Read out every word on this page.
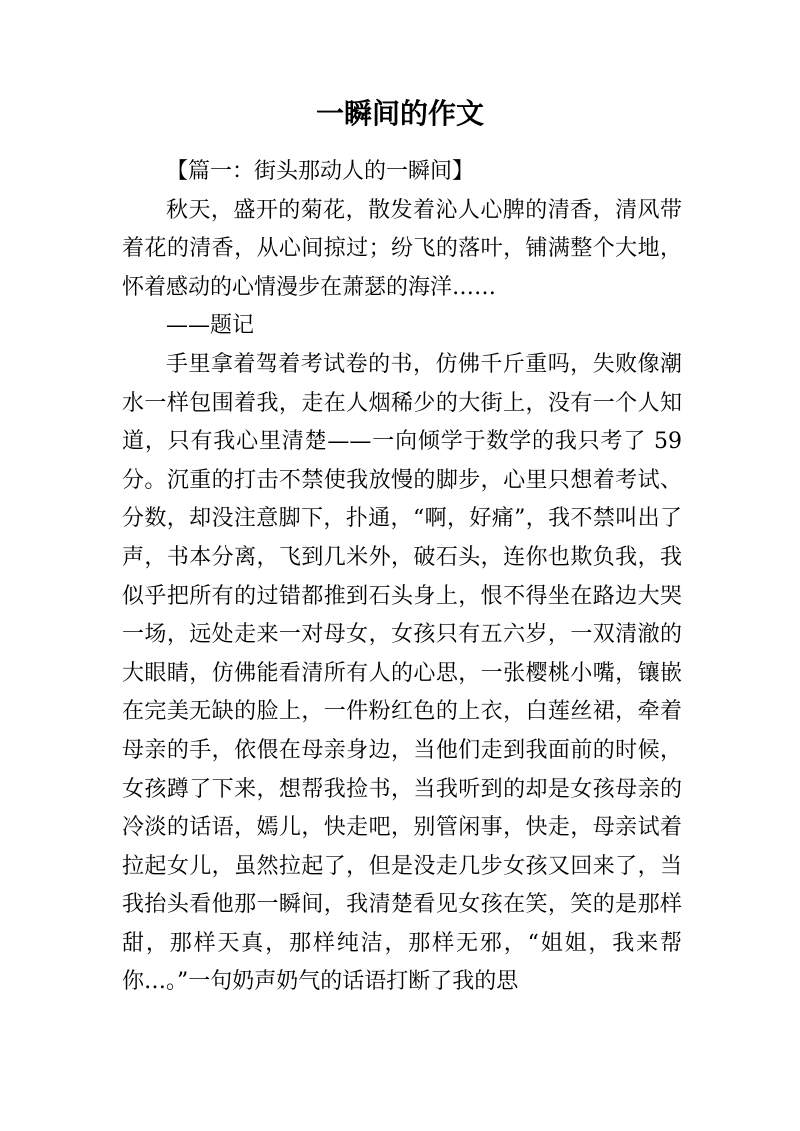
一瞬间的作文

【篇一：街头那动人的一瞬间】

秋天，盛开的菊花，散发着沁人心脾的清香，清风带着花的清香，从心间掠过；纷飞的落叶，铺满整个大地，怀着感动的心情漫步在萧瑟的海洋……

——题记

手里拿着驾着考试卷的书，仿佛千斤重吗，失败像潮水一样包围着我，走在人烟稀少的大街上，没有一个人知道，只有我心里清楚——一向倾学于数学的我只考了 59 分。沉重的打击不禁使我放慢的脚步，心里只想着考试、分数，却没注意脚下，扑通，“啊，好痛”，我不禁叫出了声，书本分离，飞到几米外，破石头，连你也欺负我，我似乎把所有的过错都推到石头身上，恨不得坐在路边大哭一场，远处走来一对母女，女孩只有五六岁，一双清澈的大眼睛，仿佛能看清所有人的心思，一张樱桃小嘴，镶嵌在完美无缺的脸上，一件粉红色的上衣，白莲丝裙，牵着母亲的手，依偎在母亲身边，当他们走到我面前的时候，女孩蹲了下来，想帮我捡书，当我听到的却是女孩母亲的冷淡的话语，嫣儿，快走吧，别管闲事，快走，母亲试着拉起女儿，虽然拉起了，但是没走几步女孩又回来了，当我抬头看他那一瞬间，我清楚看见女孩在笑，笑的是那样甜，那样天真，那样纯洁，那样无邪，“姐姐，我来帮你…。”一句奶声奶气的话语打断了我的思
